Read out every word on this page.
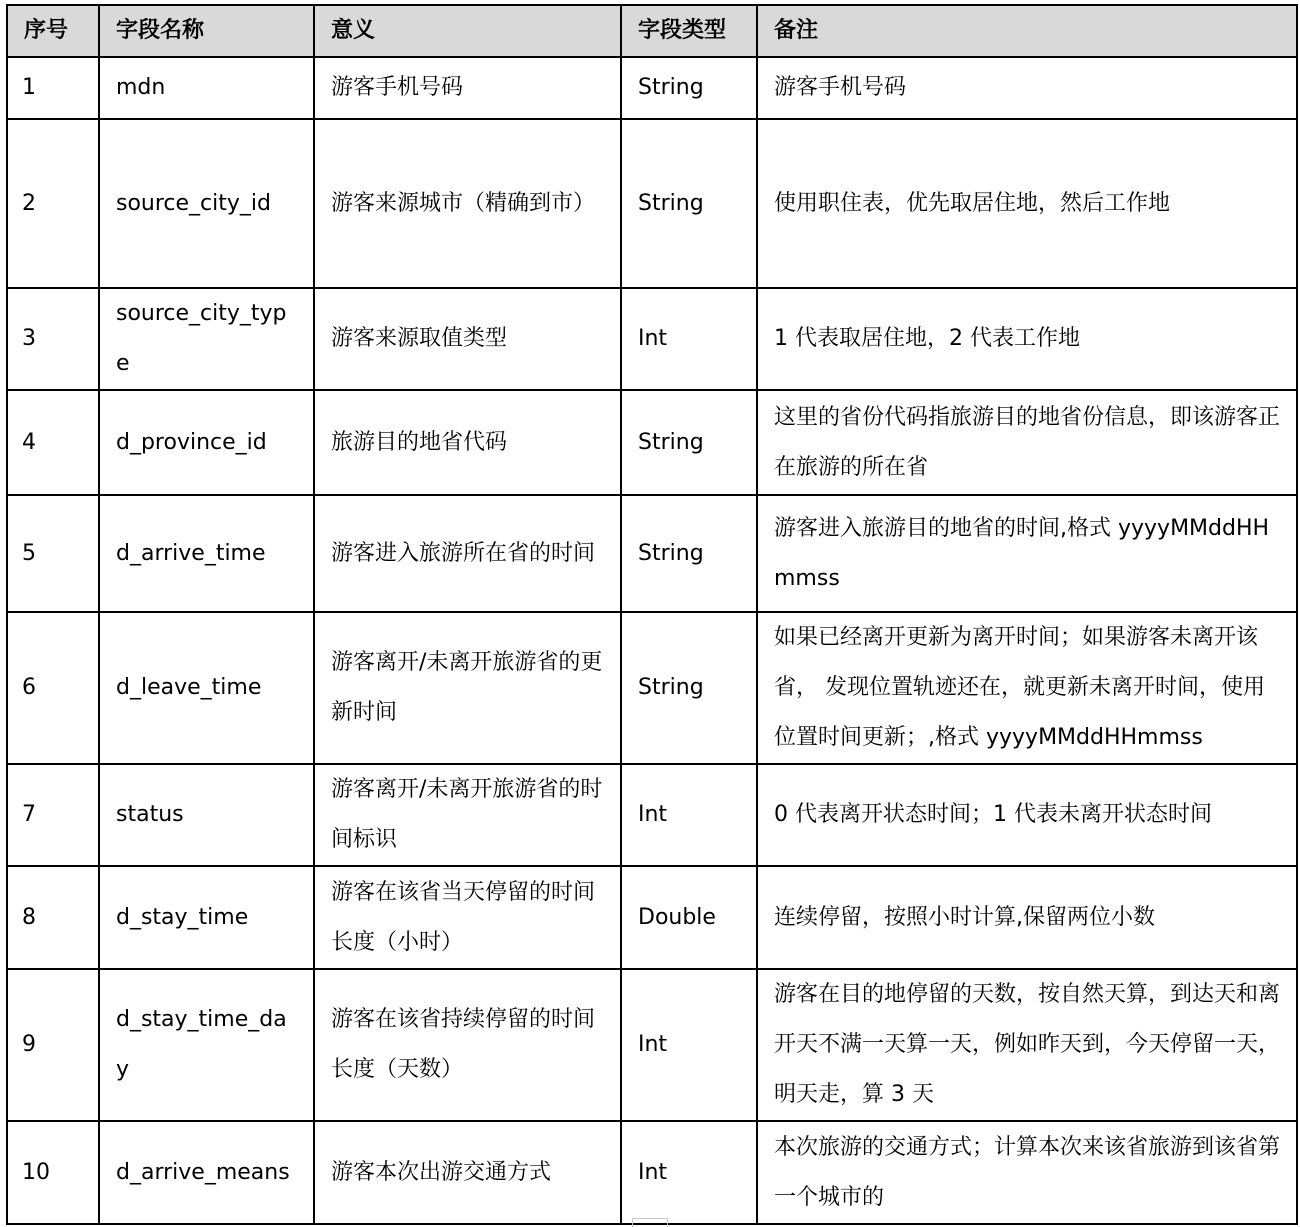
序号	字段名称	意义	字段类型	备注
1	mdn	游客手机号码	String	游客手机号码
2	source_city_id	游客来源城市（精确到市）	String	使用职住表，优先取居住地，然后工作地
3	source_city_type	游客来源取值类型	Int	1 代表取居住地，2 代表工作地
4	d_province_id	旅游目的地省代码	String	这里的省份代码指旅游目的地省份信息，即该游客正在旅游的所在省
5	d_arrive_time	游客进入旅游所在省的时间	String	游客进入旅游目的地省的时间,格式 yyyyMMddHHmmss
6	d_leave_time	游客离开/未离开旅游省的更新时间	String	如果已经离开更新为离开时间；如果游客未离开该省， 发现位置轨迹还在，就更新未离开时间，使用位置时间更新；,格式 yyyyMMddHHmmss
7	status	游客离开/未离开旅游省的时间标识	Int	0 代表离开状态时间；1 代表未离开状态时间
8	d_stay_time	游客在该省当天停留的时间长度（小时）	Double	连续停留，按照小时计算,保留两位小数
9	d_stay_time_day	游客在该省持续停留的时间长度（天数）	Int	游客在目的地停留的天数，按自然天算，到达天和离开天不满一天算一天，例如昨天到，今天停留一天，明天走，算 3 天
10	d_arrive_means	游客本次出游交通方式	Int	本次旅游的交通方式；计算本次来该省旅游到该省第一个城市的
